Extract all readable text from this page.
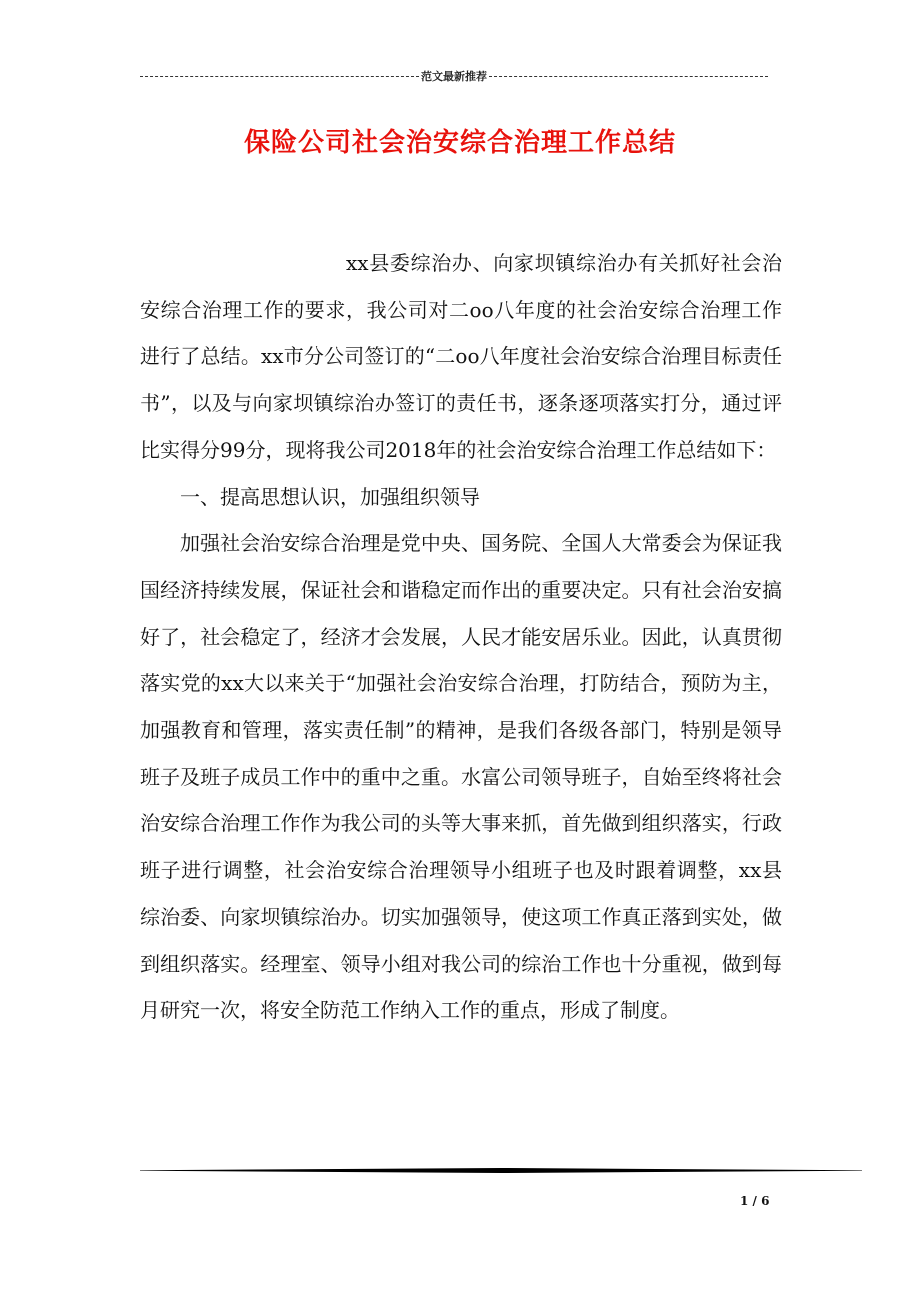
范文最新推荐
保险公司社会治安综合治理工作总结

xx县委综治办、向家坝镇综治办有关抓好社会治安综合治理工作的要求，我公司对二oo八年度的社会治安综合治理工作进行了总结。xx市分公司签订的“二oo八年度社会治安综合治理目标责任书”，以及与向家坝镇综治办签订的责任书，逐条逐项落实打分，通过评比实得分99分，现将我公司2018年的社会治安综合治理工作总结如下：

一、提高思想认识，加强组织领导

加强社会治安综合治理是党中央、国务院、全国人大常委会为保证我国经济持续发展，保证社会和谐稳定而作出的重要决定。只有社会治安搞好了，社会稳定了，经济才会发展，人民才能安居乐业。因此，认真贯彻落实党的xx大以来关于“加强社会治安综合治理，打防结合，预防为主，加强教育和管理，落实责任制”的精神，是我们各级各部门，特别是领导班子及班子成员工作中的重中之重。水富公司领导班子，自始至终将社会治安综合治理工作作为我公司的头等大事来抓，首先做到组织落实，行政班子进行调整，社会治安综合治理领导小组班子也及时跟着调整，xx县综治委、向家坝镇综治办。切实加强领导，使这项工作真正落到实处，做到组织落实。经理室、领导小组对我公司的综治工作也十分重视，做到每月研究一次，将安全防范工作纳入工作的重点，形成了制度。

1 / 6
